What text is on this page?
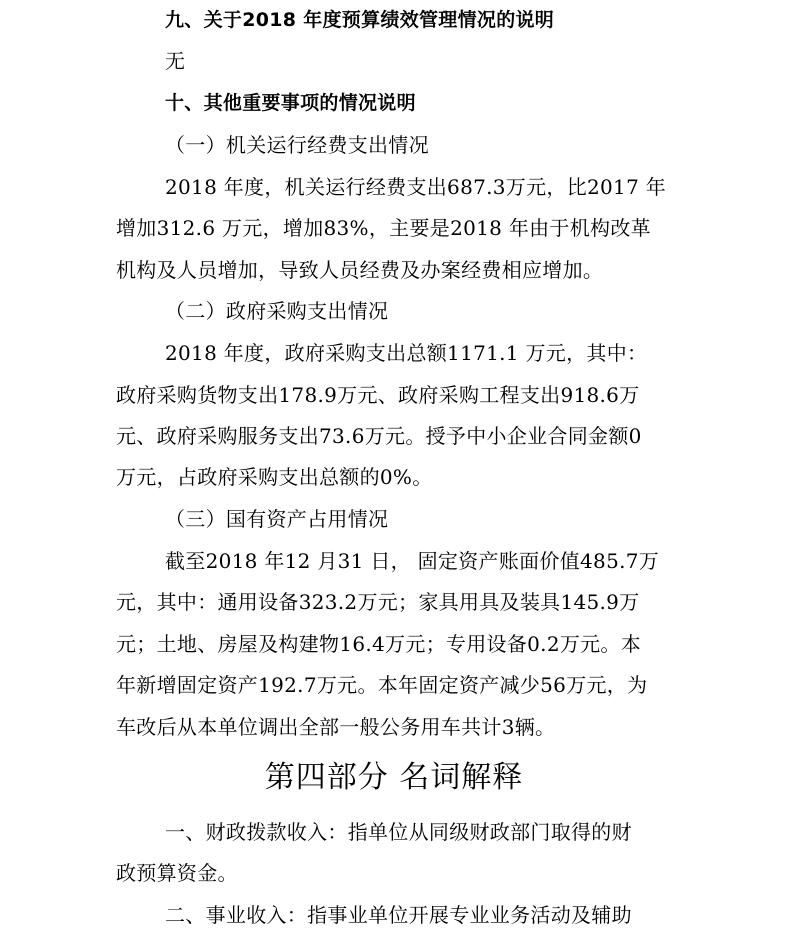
九、关于2018 年度预算绩效管理情况的说明
无
十、其他重要事项的情况说明
（一）机关运行经费支出情况
2018 年度，机关运行经费支出687.3万元，比2017 年
增加312.6 万元，增加83%，主要是2018 年由于机构改革
机构及人员增加，导致人员经费及办案经费相应增加。
（二）政府采购支出情况
2018 年度，政府采购支出总额1171.1 万元，其中：
政府采购货物支出178.9万元、政府采购工程支出918.6万
元、政府采购服务支出73.6万元。授予中小企业合同金额0
万元，占政府采购支出总额的0%。
（三）国有资产占用情况
截至2018 年12 月31 日， 固定资产账面价值485.7万
元，其中：通用设备323.2万元；家具用具及装具145.9万
元；土地、房屋及构建物16.4万元；专用设备0.2万元。本
年新增固定资产192.7万元。本年固定资产减少56万元，为
车改后从本单位调出全部一般公务用车共计3辆。
第四部分 名词解释
一、财政拨款收入：指单位从同级财政部门取得的财
政预算资金。
二、事业收入：指事业单位开展专业业务活动及辅助
